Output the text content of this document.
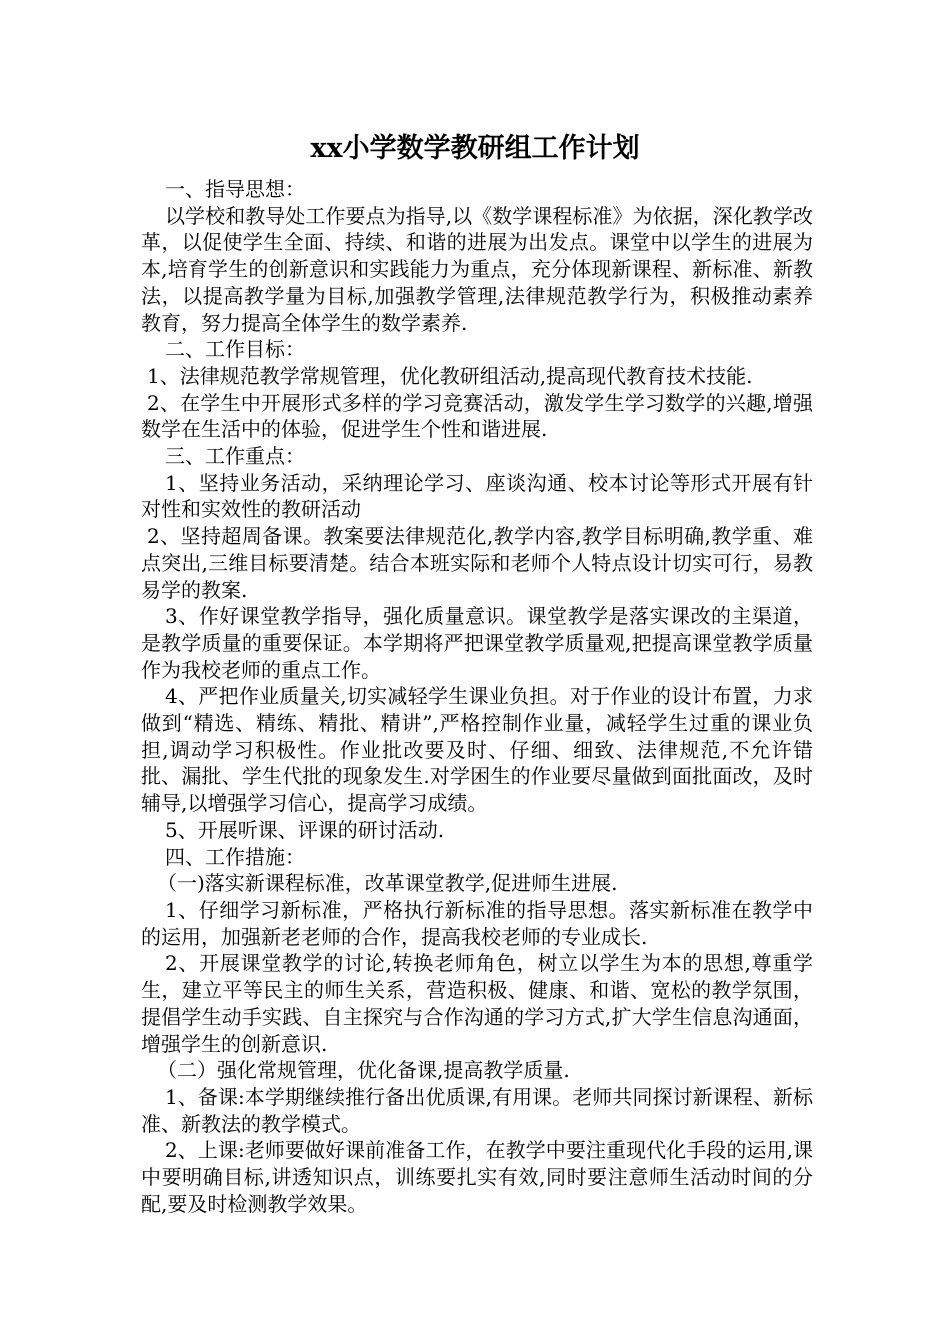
xx小学数学教研组工作计划

一、指导思想：

以学校和教导处工作要点为指导,以《数学课程标准》为依据，深化教学改革，以促使学生全面、持续、和谐的进展为出发点。课堂中以学生的进展为本,培育学生的创新意识和实践能力为重点，充分体现新课程、新标准、新教法，以提高教学量为目标,加强教学管理,法律规范教学行为，积极推动素养教育，努力提高全体学生的数学素养.

二、工作目标：

1、法律规范教学常规管理，优化教研组活动,提高现代教育技术技能.

2、在学生中开展形式多样的学习竞赛活动，激发学生学习数学的兴趣,增强数学在生活中的体验，促进学生个性和谐进展.

三、工作重点：

1、坚持业务活动，采纳理论学习、座谈沟通、校本讨论等形式开展有针对性和实效性的教研活动

2、坚持超周备课。教案要法律规范化,教学内容,教学目标明确,教学重、难点突出,三维目标要清楚。结合本班实际和老师个人特点设计切实可行，易教易学的教案.

3、作好课堂教学指导，强化质量意识。课堂教学是落实课改的主渠道，是教学质量的重要保证。本学期将严把课堂教学质量观,把提高课堂教学质量作为我校老师的重点工作。

4、严把作业质量关,切实减轻学生课业负担。对于作业的设计布置，力求做到“精选、精练、精批、精讲”,严格控制作业量，减轻学生过重的课业负担,调动学习积极性。作业批改要及时、仔细、细致、法律规范,不允许错批、漏批、学生代批的现象发生.对学困生的作业要尽量做到面批面改，及时辅导,以增强学习信心，提高学习成绩。

5、开展听课、评课的研讨活动.

四、工作措施：

（一)落实新课程标准，改革课堂教学,促进师生进展.

1、仔细学习新标准，严格执行新标准的指导思想。落实新标准在教学中的运用，加强新老老师的合作，提高我校老师的专业成长.

2、开展课堂教学的讨论,转换老师角色，树立以学生为本的思想,尊重学生，建立平等民主的师生关系，营造积极、健康、和谐、宽松的教学氛围，提倡学生动手实践、自主探究与合作沟通的学习方式,扩大学生信息沟通面，增强学生的创新意识.

（二）强化常规管理，优化备课,提高教学质量.

1、备课:本学期继续推行备出优质课,有用课。老师共同探讨新课程、新标准、新教法的教学模式。

2、上课:老师要做好课前准备工作，在教学中要注重现代化手段的运用,课中要明确目标,讲透知识点，训练要扎实有效,同时要注意师生活动时间的分配,要及时检测教学效果。
